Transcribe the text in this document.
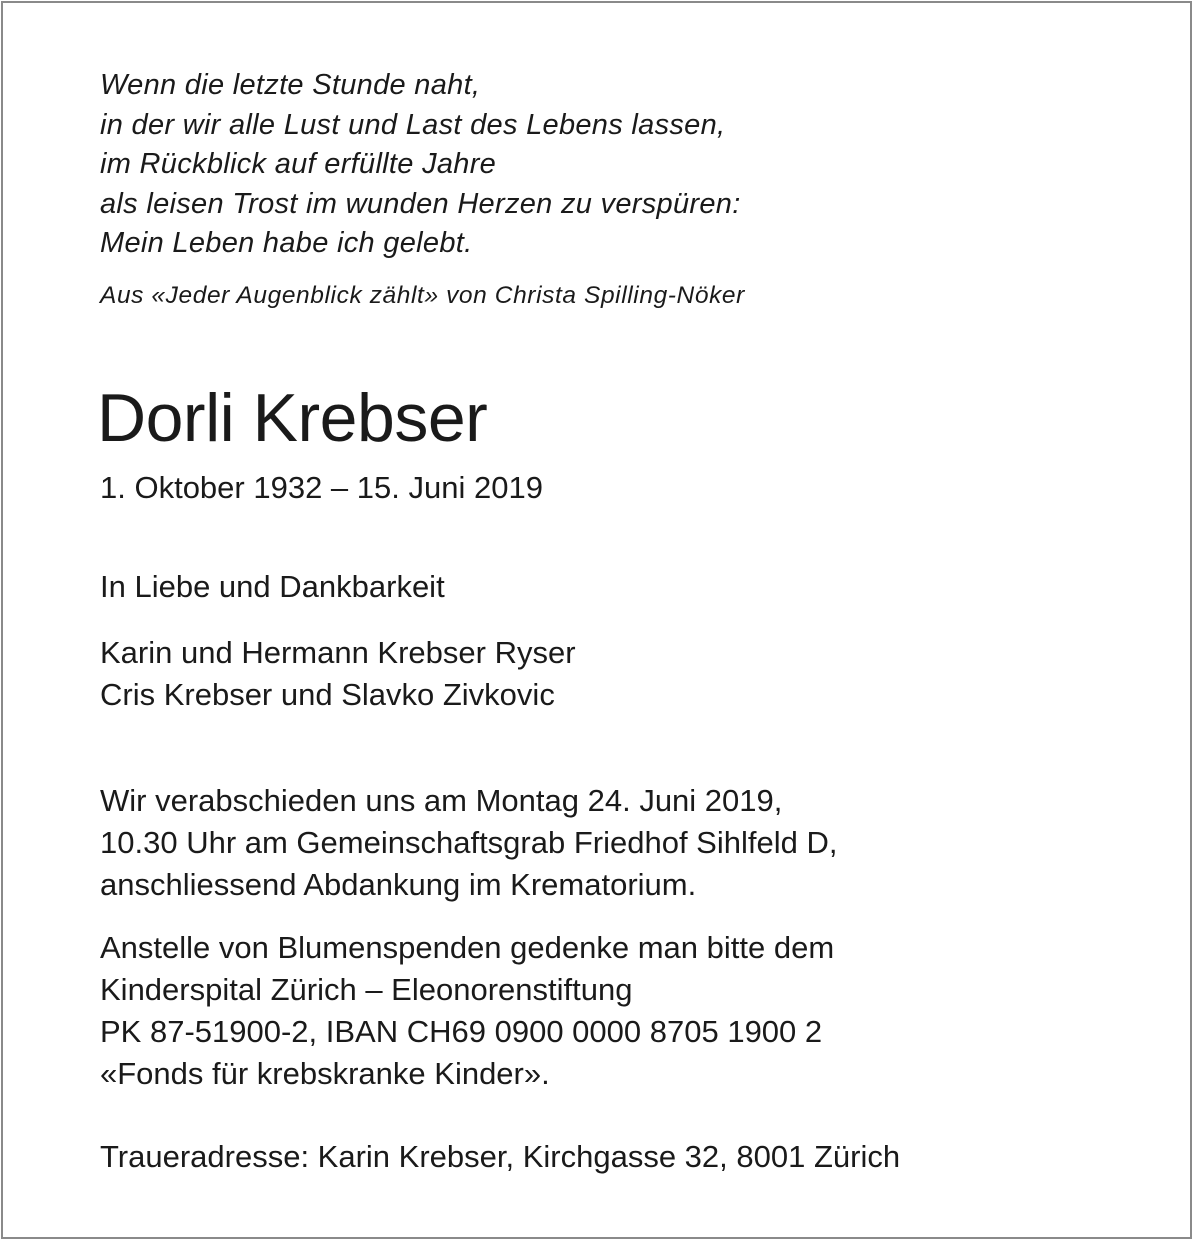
Wenn die letzte Stunde naht,
in der wir alle Lust und Last des Lebens lassen,
im Rückblick auf erfüllte Jahre
als leisen Trost im wunden Herzen zu verspüren:
Mein Leben habe ich gelebt.
Aus «Jeder Augenblick zählt» von Christa Spilling-Nöker
Dorli Krebser
1. Oktober 1932 – 15. Juni 2019
In Liebe und Dankbarkeit
Karin und Hermann Krebser Ryser
Cris Krebser und Slavko Zivkovic
Wir verabschieden uns am Montag 24. Juni 2019,
10.30 Uhr am Gemeinschaftsgrab Friedhof Sihlfeld D,
anschliessend Abdankung im Krematorium.
Anstelle von Blumenspenden gedenke man bitte dem
Kinderspital Zürich – Eleonorenstiftung
PK 87-51900-2, IBAN CH69 0900 0000 8705 1900 2
«Fonds für krebskranke Kinder».
Traueradresse: Karin Krebser, Kirchgasse 32, 8001 Zürich
